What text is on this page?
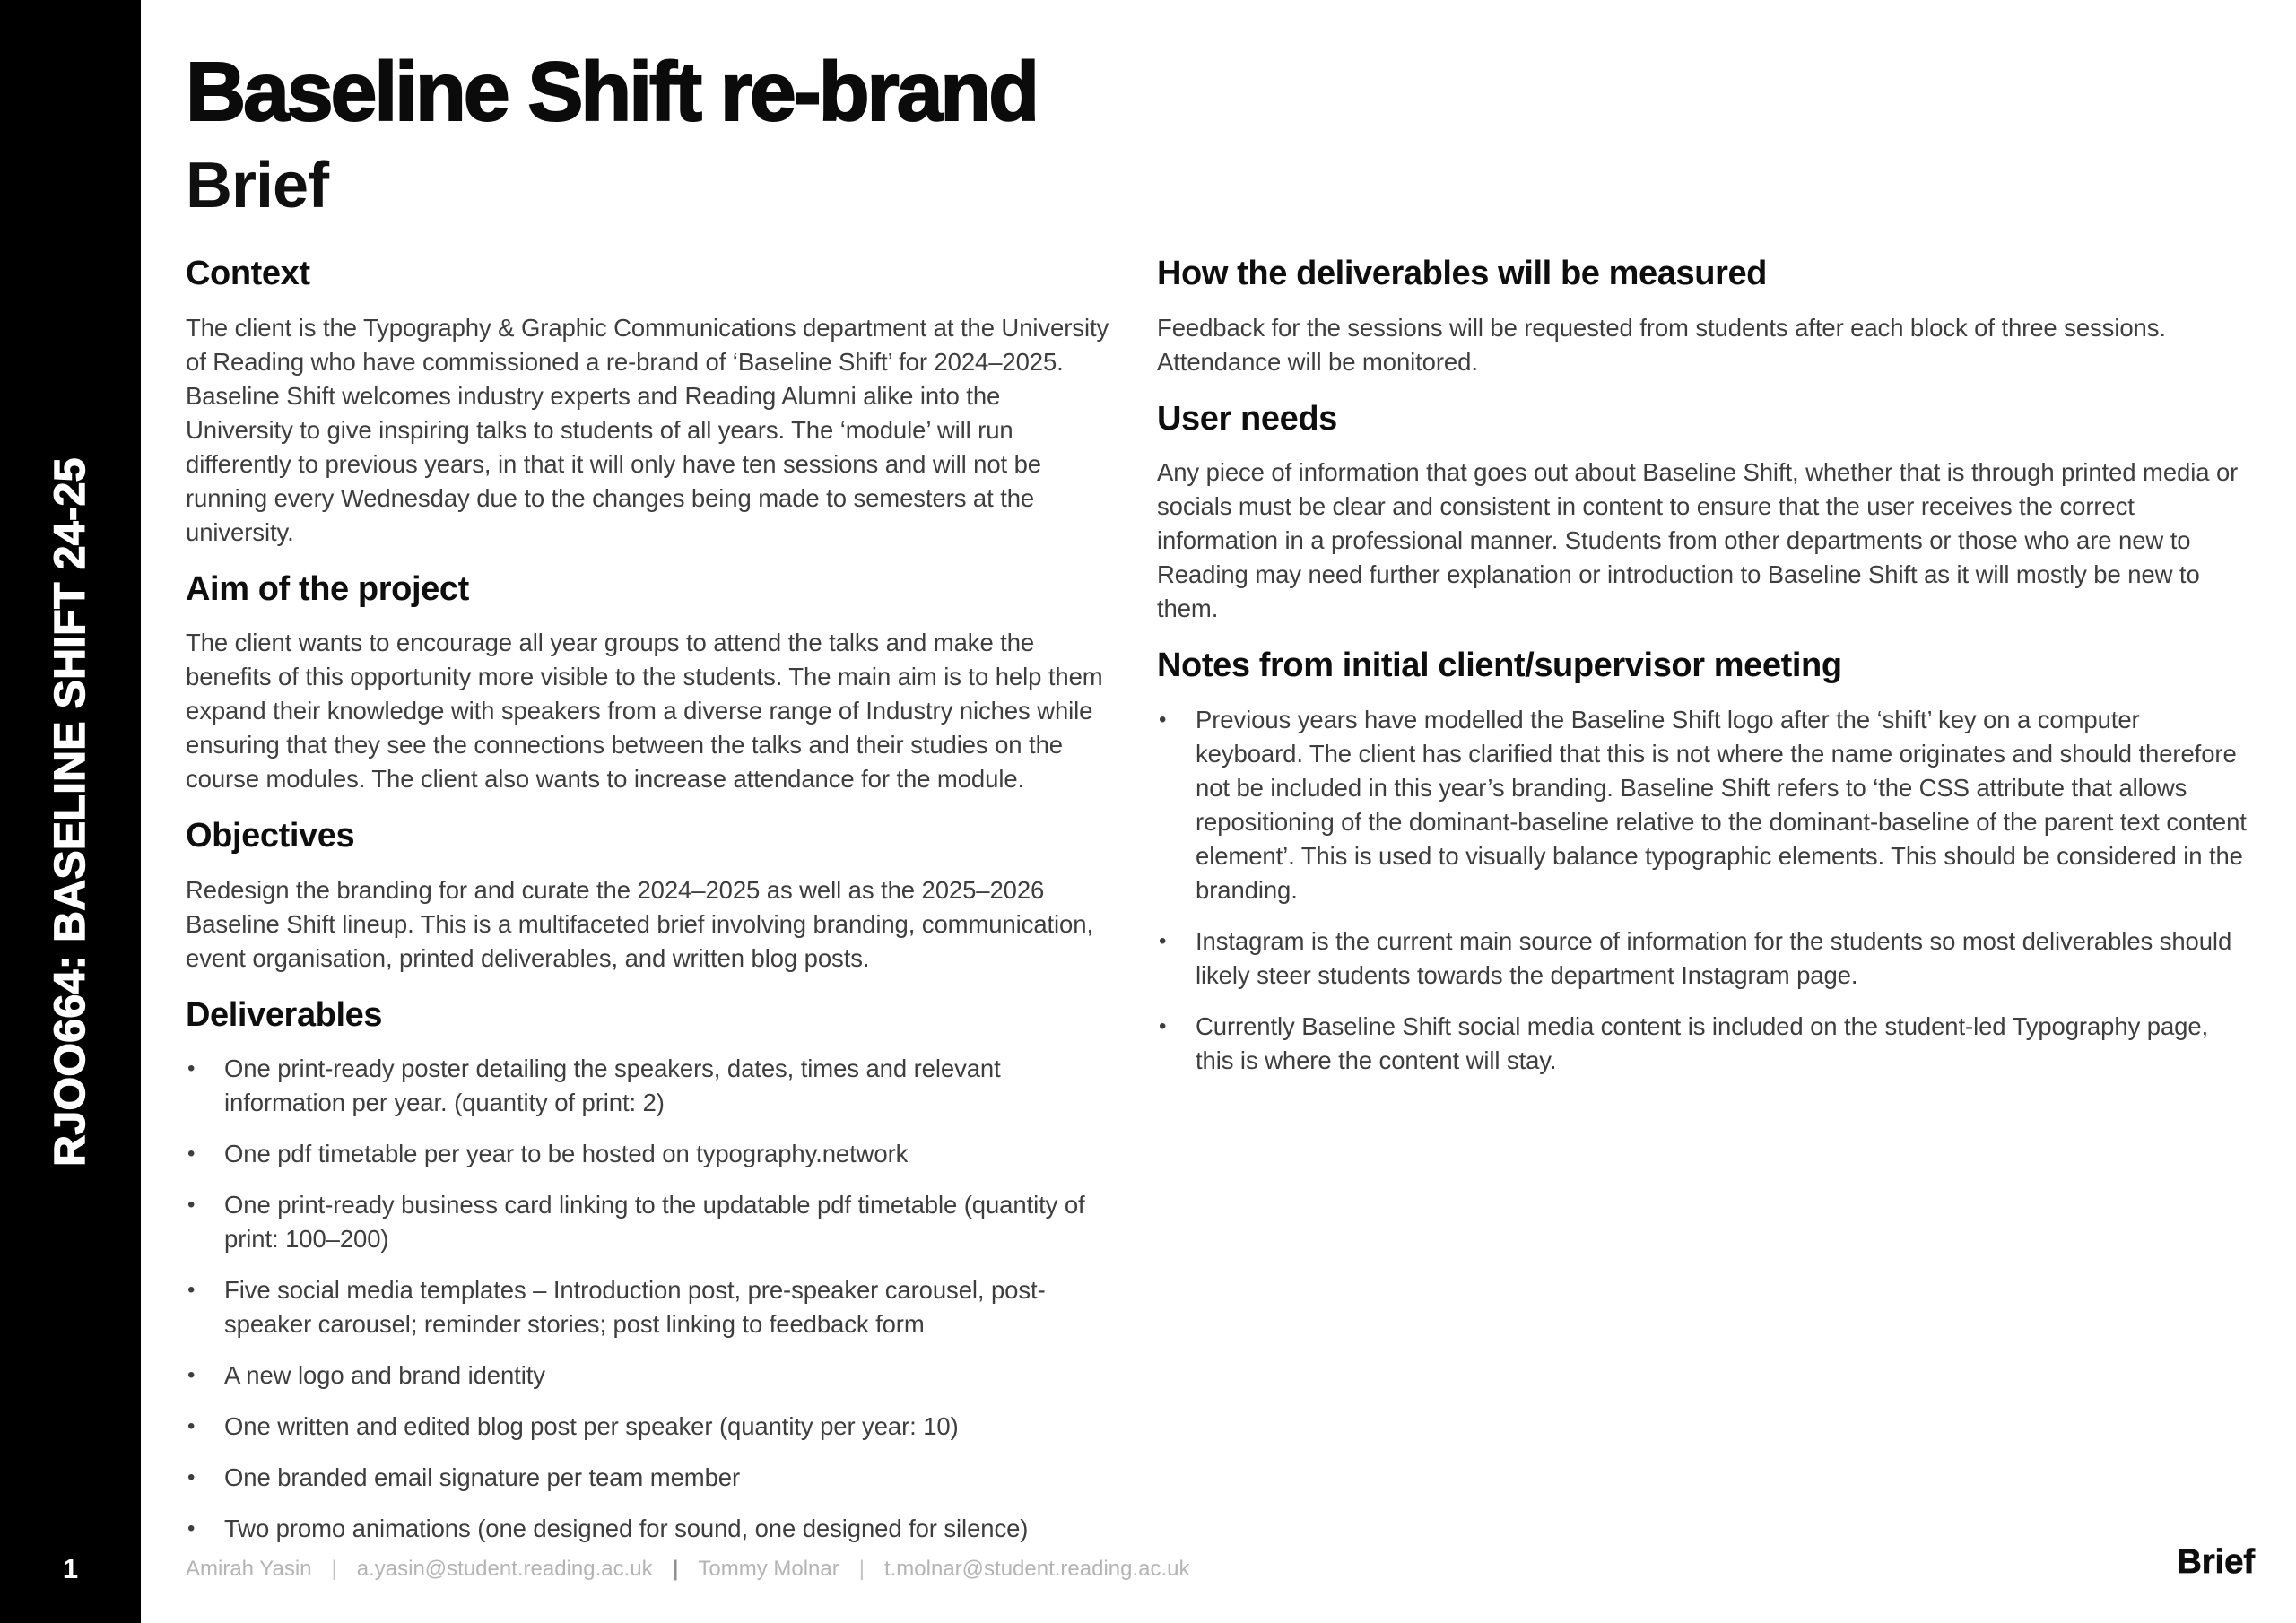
RJOO664: BASELINE SHIFT 24-25
1
Baseline Shift re-brand
Brief
Context

The client is the Typography & Graphic Communications department at the University of Reading who have commissioned a re-brand of ‘Baseline Shift’ for 2024–2025. Baseline Shift welcomes industry experts and Reading Alumni alike into the University to give inspiring talks to students of all years. The ‘module’ will run differently to previous years, in that it will only have ten sessions and will not be running every Wednesday due to the changes being made to semesters at the university.

Aim of the project

The client wants to encourage all year groups to attend the talks and make the benefits of this opportunity more visible to the students. The main aim is to help them expand their knowledge with speakers from a diverse range of Industry niches while ensuring that they see the connections between the talks and their studies on the course modules. The client also wants to increase attendance for the module.

Objectives

Redesign the branding for and curate the 2024–2025 as well as the 2025–2026 Baseline Shift lineup. This is a multifaceted brief involving branding, communication, event organisation, printed deliverables, and written blog posts.

Deliverables
• One print-ready poster detailing the speakers, dates, times and relevant information per year. (quantity of print: 2)
• One pdf timetable per year to be hosted on typography.network
• One print-ready business card linking to the updatable pdf timetable (quantity of print: 100–200)
• Five social media templates – Introduction post, pre-speaker carousel, post-speaker carousel; reminder stories; post linking to feedback form
• A new logo and brand identity
• One written and edited blog post per speaker (quantity per year: 10)
• One branded email signature per team member
• Two promo animations (one designed for sound, one designed for silence)
How the deliverables will be measured

Feedback for the sessions will be requested from students after each block of three sessions. Attendance will be monitored.

User needs

Any piece of information that goes out about Baseline Shift, whether that is through printed media or socials must be clear and consistent in content to ensure that the user receives the correct information in a professional manner. Students from other departments or those who are new to Reading may need further explanation or introduction to Baseline Shift as it will mostly be new to them.

Notes from initial client/supervisor meeting
• Previous years have modelled the Baseline Shift logo after the ‘shift’ key on a computer keyboard. The client has clarified that this is not where the name originates and should therefore not be included in this year’s branding. Baseline Shift refers to ‘the CSS attribute that allows repositioning of the dominant-baseline relative to the dominant-baseline of the parent text content element’. This is used to visually balance typographic elements. This should be considered in the branding.
• Instagram is the current main source of information for the students so most deliverables should likely steer students towards the department Instagram page.
• Currently Baseline Shift social media content is included on the student-led Typography page, this is where the content will stay.
Amirah Yasin | a.yasin@student.reading.ac.uk | Tommy Molnar | t.molnar@student.reading.ac.uk	Brief
